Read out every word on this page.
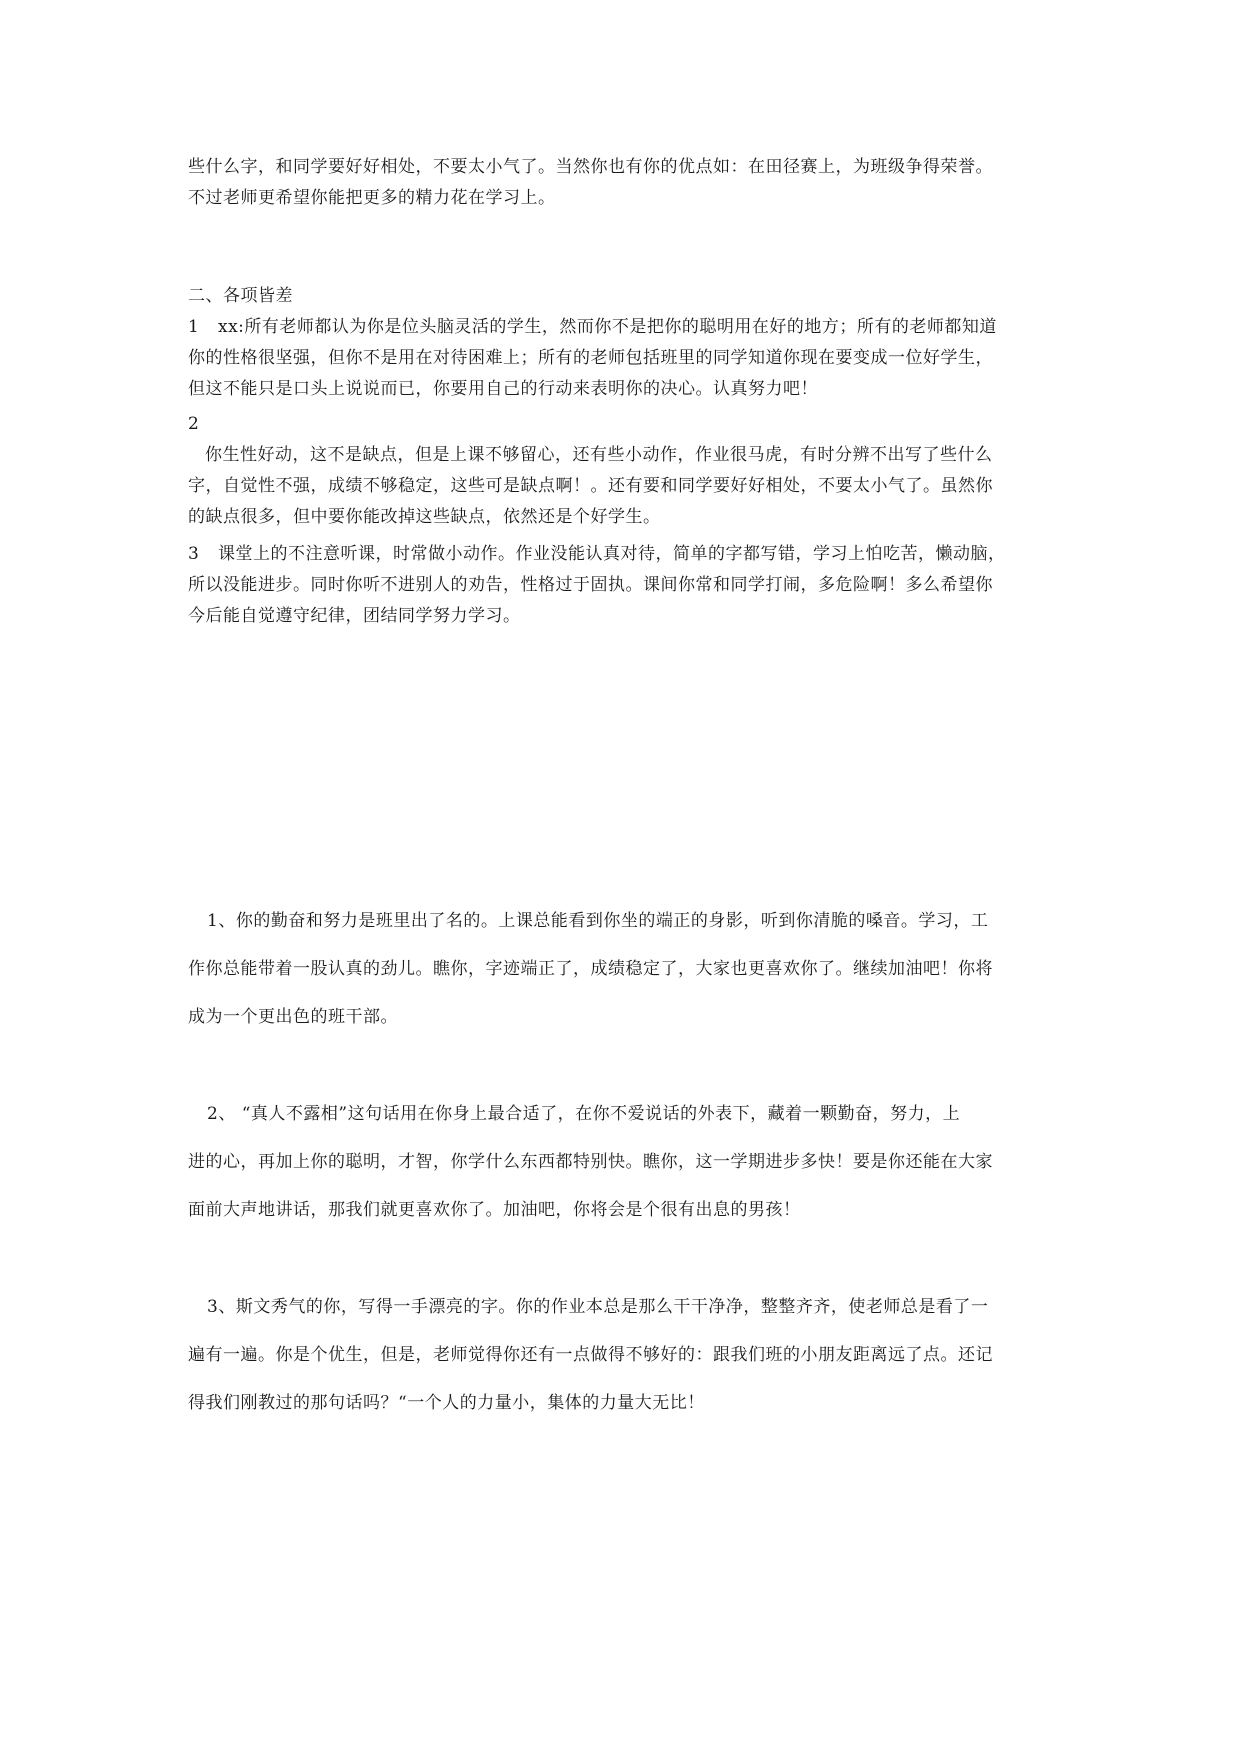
些什么字，和同学要好好相处，不要太小气了。当然你也有你的优点如：在田径赛上，为班级争得荣誉。

不过老师更希望你能把更多的精力花在学习上。

二、各项皆差

1 xx:所有老师都认为你是位头脑灵活的学生，然而你不是把你的聪明用在好的地方；所有的老师都知道

你的性格很坚强，但你不是用在对待困难上；所有的老师包括班里的同学知道你现在要变成一位好学生，

但这不能只是口头上说说而已，你要用自己的行动来表明你的决心。认真努力吧！

2

你生性好动，这不是缺点，但是上课不够留心，还有些小动作，作业很马虎，有时分辨不出写了些什么

字，自觉性不强，成绩不够稳定，这些可是缺点啊！。还有要和同学要好好相处，不要太小气了。虽然你

的缺点很多，但中要你能改掉这些缺点，依然还是个好学生。

3 课堂上的不注意听课，时常做小动作。作业没能认真对待，简单的字都写错，学习上怕吃苦，懒动脑，

所以没能进步。同时你听不进别人的劝告，性格过于固执。课间你常和同学打闹，多危险啊！多么希望你

今后能自觉遵守纪律，团结同学努力学习。

1、你的勤奋和努力是班里出了名的。上课总能看到你坐的端正的身影，听到你清脆的嗓音。学习，工

作你总能带着一股认真的劲儿。瞧你，字迹端正了，成绩稳定了，大家也更喜欢你了。继续加油吧！你将

成为一个更出色的班干部。

2、 “真人不露相”这句话用在你身上最合适了，在你不爱说话的外表下，藏着一颗勤奋，努力，上

进的心，再加上你的聪明，才智，你学什么东西都特别快。瞧你，这一学期进步多快！要是你还能在大家

面前大声地讲话，那我们就更喜欢你了。加油吧，你将会是个很有出息的男孩！

3、斯文秀气的你，写得一手漂亮的字。你的作业本总是那么干干净净，整整齐齐，使老师总是看了一

遍有一遍。你是个优生，但是，老师觉得你还有一点做得不够好的：跟我们班的小朋友距离远了点。还记

得我们刚教过的那句话吗？“一个人的力量小，集体的力量大无比！
